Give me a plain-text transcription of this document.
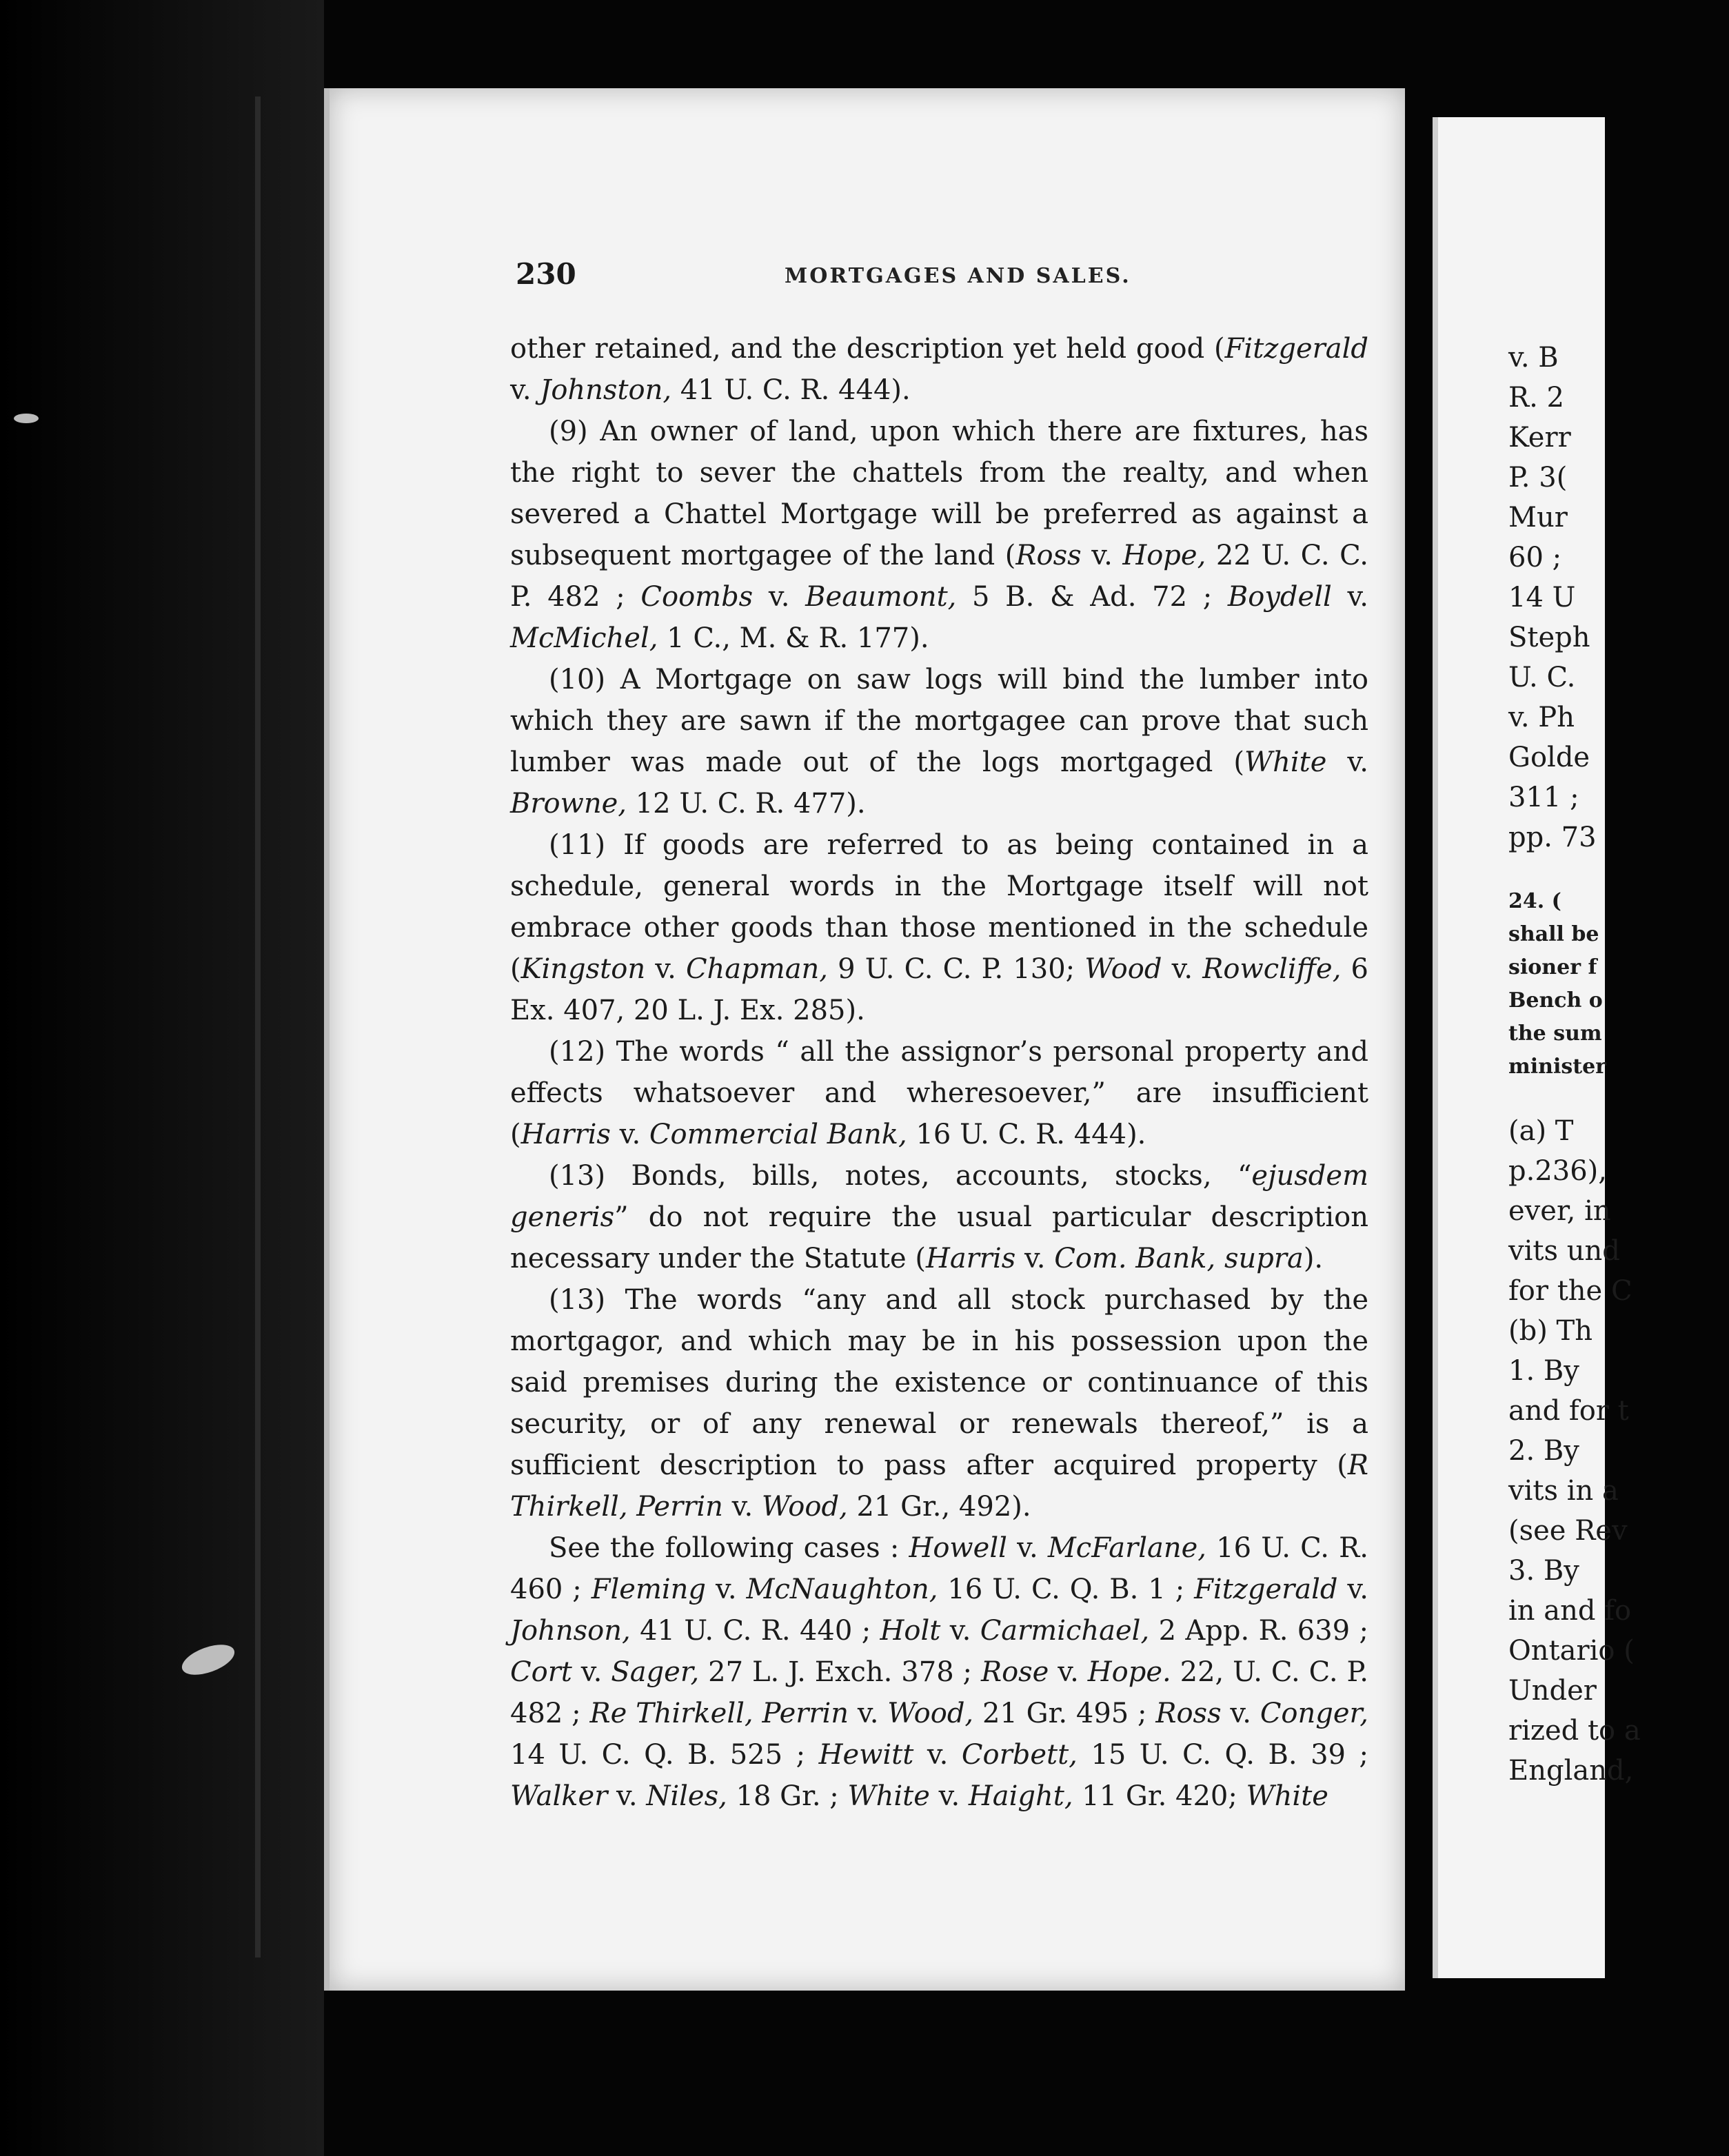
230	MORTGAGES AND SALES.

other retained, and the description yet held good (Fitzgerald v. Johnston, 41 U. C. R. 444).

(9) An owner of land, upon which there are fixtures, has the right to sever the chattels from the realty, and when severed a Chattel Mortgage will be preferred as against a subsequent mortgagee of the land (Ross v. Hope, 22 U. C. C. P. 482 ; Coombs v. Beaumont, 5 B. & Ad. 72 ; Boydell v. McMichel, 1 C., M. & R. 177).

(10) A Mortgage on saw logs will bind the lumber into which they are sawn if the mortgagee can prove that such lumber was made out of the logs mortgaged (White v. Browne, 12 U. C. R. 477).

(11) If goods are referred to as being contained in a schedule, general words in the Mortgage itself will not embrace other goods than those mentioned in the schedule (Kingston v. Chapman, 9 U. C. C. P. 130; Wood v. Rowcliffe, 6 Ex. 407, 20 L. J. Ex. 285).

(12) The words “ all the assignor’s personal property and effects whatsoever and wheresoever,” are insufficient (Harris v. Commercial Bank, 16 U. C. R. 444).

(13) Bonds, bills, notes, accounts, stocks, “ejusdem generis” do not require the usual particular description necessary under the Statute (Harris v. Com. Bank, supra).

(13) The words “any and all stock purchased by the mortgagor, and which may be in his possession upon the said premises during the existence or continuance of this security, or of any renewal or renewals thereof,” is a sufficient description to pass after acquired property (R Thirkell, Perrin v. Wood, 21 Gr., 492).

See the following cases : Howell v. McFarlane, 16 U. C. R. 460 ; Fleming v. McNaughton, 16 U. C. Q. B. 1 ; Fitzgerald v. Johnson, 41 U. C. R. 440 ; Holt v. Carmichael, 2 App. R. 639 ; Cort v. Sager, 27 L. J. Exch. 378 ; Rose v. Hope. 22, U. C. C. P. 482 ; Re Thirkell, Perrin v. Wood, 21 Gr. 495 ; Ross v. Conger, 14 U. C. Q. B. 525 ; Hewitt v. Corbett, 15 U. C. Q. B. 39 ; Walker v. Niles, 18 Gr. ; White v. Haight, 11 Gr. 420; White

v. B
R. 2
Kerr
P. 3(
Mur
60 ;
14 U
Steph
U. C.
v. Ph
Golde
311 ;
pp. 73
24. (
shall be
sioner f
Bench o
the sum
minister
(a) T
p.236),
ever, in
vits und
for the C
(b) Th
1. By
and for t
2. By
vits in a
(see Rev
3. By
in and fo
Ontario (
Under
rized to a
England,
